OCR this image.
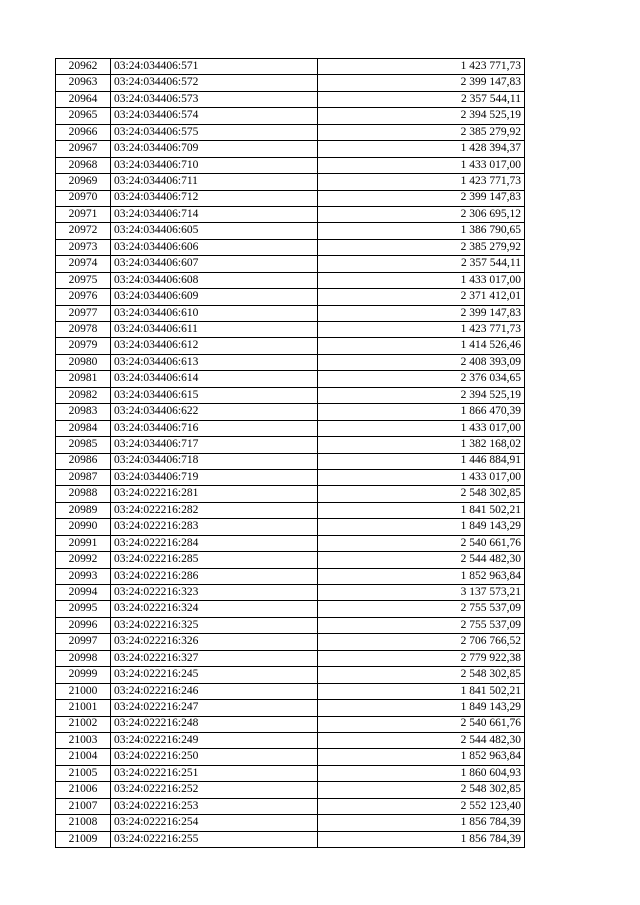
20962	03:24:034406:571	1 423 771,73
20963	03:24:034406:572	2 399 147,83
20964	03:24:034406:573	2 357 544,11
20965	03:24:034406:574	2 394 525,19
20966	03:24:034406:575	2 385 279,92
20967	03:24:034406:709	1 428 394,37
20968	03:24:034406:710	1 433 017,00
20969	03:24:034406:711	1 423 771,73
20970	03:24:034406:712	2 399 147,83
20971	03:24:034406:714	2 306 695,12
20972	03:24:034406:605	1 386 790,65
20973	03:24:034406:606	2 385 279,92
20974	03:24:034406:607	2 357 544,11
20975	03:24:034406:608	1 433 017,00
20976	03:24:034406:609	2 371 412,01
20977	03:24:034406:610	2 399 147,83
20978	03:24:034406:611	1 423 771,73
20979	03:24:034406:612	1 414 526,46
20980	03:24:034406:613	2 408 393,09
20981	03:24:034406:614	2 376 034,65
20982	03:24:034406:615	2 394 525,19
20983	03:24:034406:622	1 866 470,39
20984	03:24:034406:716	1 433 017,00
20985	03:24:034406:717	1 382 168,02
20986	03:24:034406:718	1 446 884,91
20987	03:24:034406:719	1 433 017,00
20988	03:24:022216:281	2 548 302,85
20989	03:24:022216:282	1 841 502,21
20990	03:24:022216:283	1 849 143,29
20991	03:24:022216:284	2 540 661,76
20992	03:24:022216:285	2 544 482,30
20993	03:24:022216:286	1 852 963,84
20994	03:24:022216:323	3 137 573,21
20995	03:24:022216:324	2 755 537,09
20996	03:24:022216:325	2 755 537,09
20997	03:24:022216:326	2 706 766,52
20998	03:24:022216:327	2 779 922,38
20999	03:24:022216:245	2 548 302,85
21000	03:24:022216:246	1 841 502,21
21001	03:24:022216:247	1 849 143,29
21002	03:24:022216:248	2 540 661,76
21003	03:24:022216:249	2 544 482,30
21004	03:24:022216:250	1 852 963,84
21005	03:24:022216:251	1 860 604,93
21006	03:24:022216:252	2 548 302,85
21007	03:24:022216:253	2 552 123,40
21008	03:24:022216:254	1 856 784,39
21009	03:24:022216:255	1 856 784,39
